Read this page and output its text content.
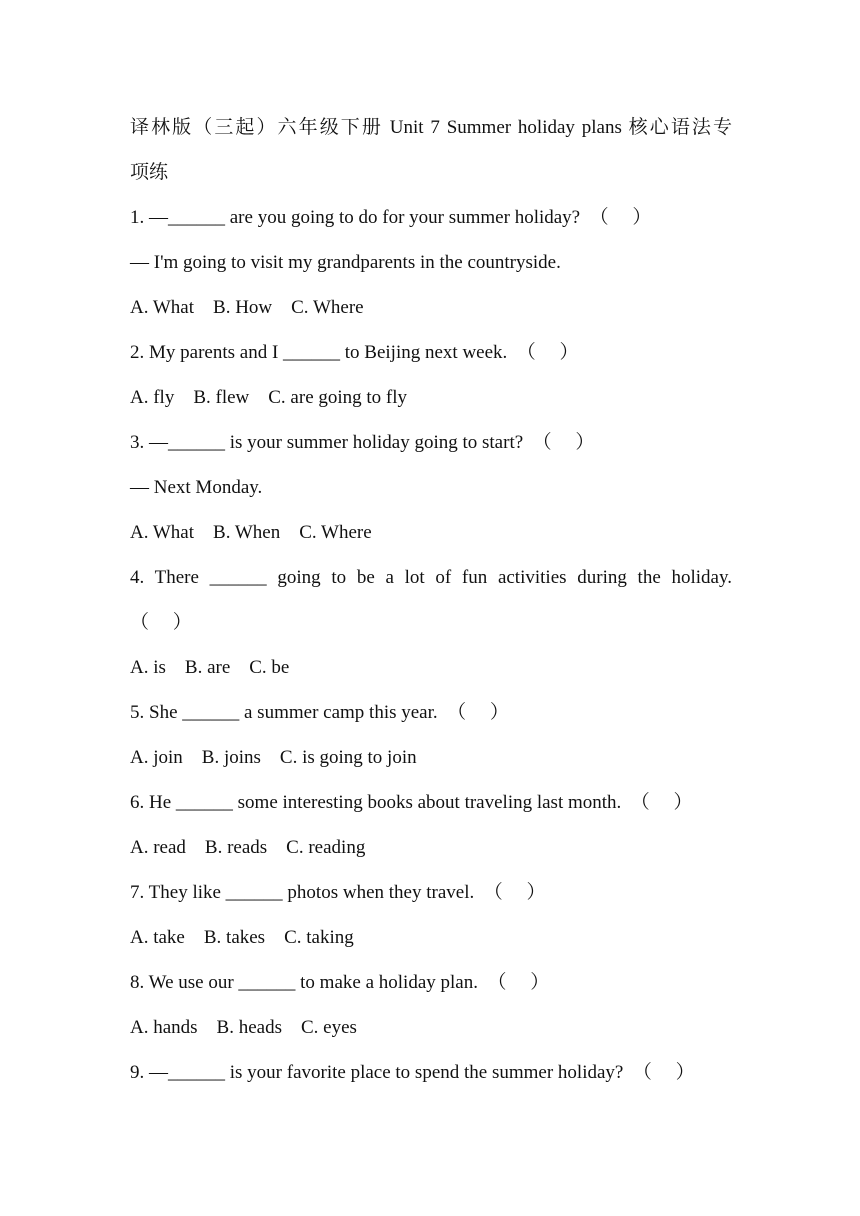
译林版（三起）六年级下册 Unit 7 Summer holiday plans 核心语法专
项练
1. —______ are you going to do for your summer holiday?　（　 ）
— I'm going to visit my grandparents in the countryside.
A. What　B. How　C. Where
2. My parents and I ______ to Beijing next week.　（　 ）
A. fly　B. flew　C. are going to fly
3. —______ is your summer holiday going to start?　（　 ）
— Next Monday.
A. What　B. When　C. Where
4. There ______ going to be a lot of fun activities during the holiday.
（　 ）
A. is　B. are　C. be
5. She ______ a summer camp this year.　（　 ）
A. join　B. joins　C. is going to join
6. He ______ some interesting books about traveling last month.　（　 ）
A. read　B. reads　C. reading
7. They like ______ photos when they travel.　（　 ）
A. take　B. takes　C. taking
8. We use our ______ to make a holiday plan.　（　 ）
A. hands　B. heads　C. eyes
9. —______ is your favorite place to spend the summer holiday?　（　 ）
